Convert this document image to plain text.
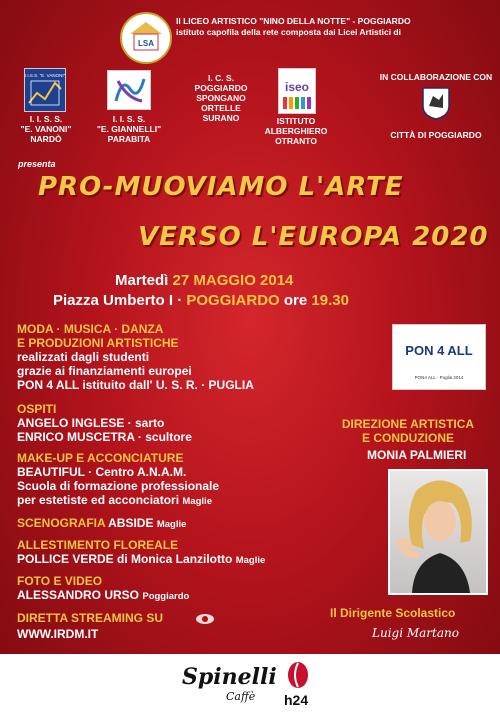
LSA
Il LICEO ARTISTICO "NINO DELLA NOTTE" - POGGIARDO
istituto capofila della rete composta dai Licei Artistici di
I.I.S.S. "E. VANONI"
iseo
I. I. S. S.
"E. VANONI"
NARDÒ
I. I. S. S.
"E. GIANNELLI"
PARABITA
I. C. S.
POGGIARDO
SPONGANO
ORTELLE
SURANO	ISTITUTO
ALBERGHIERO
OTRANTO
IN COLLABORAZIONE CON
CITTÀ DI POGGIARDO
presenta
PRO-MUOVIAMO L'ARTE
VERSO L'EUROPA 2020
Martedì 27 MAGGIO 2014
Piazza Umberto I · POGGIARDO ore 19.30
MODA · MUSICA · DANZA
E PRODUZIONI ARTISTICHE
realizzati dagli studenti
grazie ai finanziamenti europei
PON 4 ALL istituito dall' U. S. R. · PUGLIA
OSPITI
ANGELO INGLESE · sarto
ENRICO MUSCETRA · scultore
MAKE-UP E ACCONCIATURE
BEAUTIFUL · Centro A.N.A.M.
Scuola di formazione professionale
per estetiste ed acconciatori Maglie
SCENOGRAFIA ABSIDE Maglie
ALLESTIMENTO FLOREALE
POLLICE VERDE di Monica Lanzilotto Maglie
FOTO E VIDEO
ALESSANDRO URSO Poggiardo
DIRETTA STREAMING SU
WWW.IRDM.IT
PON 4 ALL
PON4 ALL · Puglia 2014
DIREZIONE ARTISTICA
E CONDUZIONE
MONIA PALMIERI
Il Dirigente Scolastico
Luigi Martano
Spinelli
Caffè h24
